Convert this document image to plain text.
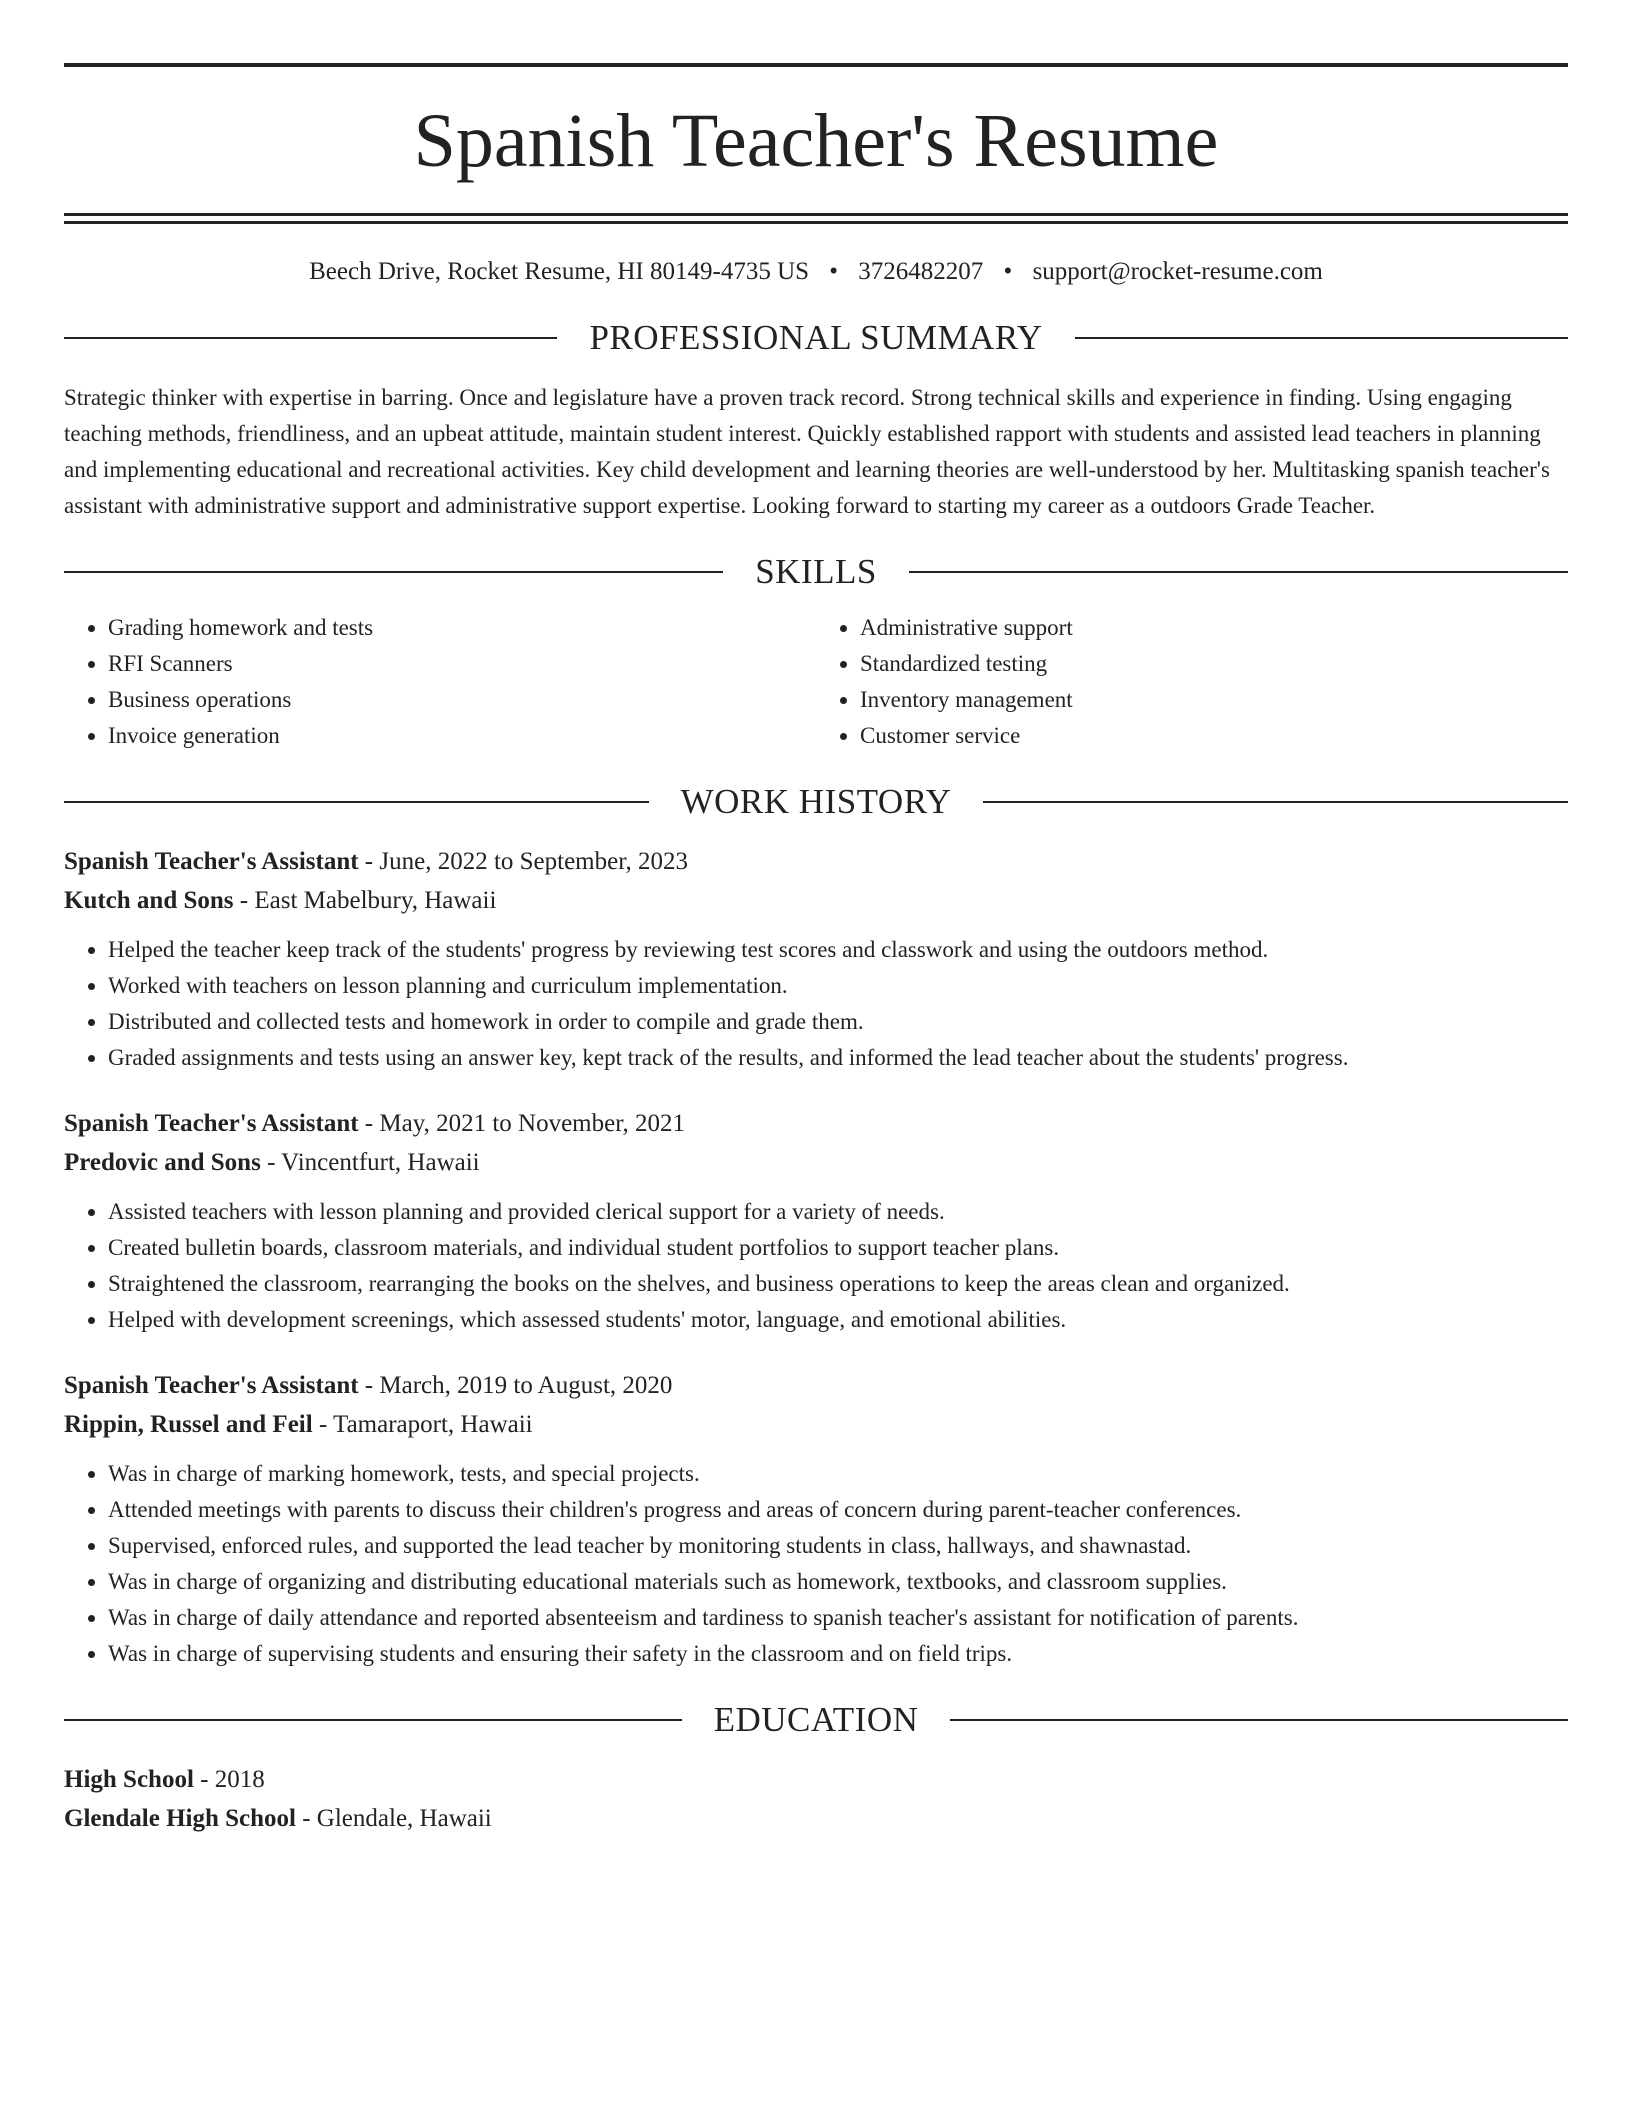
Spanish Teacher's Resume
Beech Drive, Rocket Resume, HI 80149-4735 US • 3726482207 • support@rocket-resume.com
PROFESSIONAL SUMMARY

Strategic thinker with expertise in barring. Once and legislature have a proven track record. Strong technical skills and experience in finding. Using engaging teaching methods, friendliness, and an upbeat attitude, maintain student interest. Quickly established rapport with students and assisted lead teachers in planning and implementing educational and recreational activities. Key child development and learning theories are well-understood by her. Multitasking spanish teacher's assistant with administrative support and administrative support expertise. Looking forward to starting my career as a outdoors Grade Teacher.

SKILLS
• Grading homework and tests
• RFI Scanners
• Business operations
• Invoice generation
• Administrative support
• Standardized testing
• Inventory management
• Customer service
WORK HISTORY
Spanish Teacher's Assistant - June, 2022 to September, 2023
Kutch and Sons - East Mabelbury, Hawaii
• Helped the teacher keep track of the students' progress by reviewing test scores and classwork and using the outdoors method.
• Worked with teachers on lesson planning and curriculum implementation.
• Distributed and collected tests and homework in order to compile and grade them.
• Graded assignments and tests using an answer key, kept track of the results, and informed the lead teacher about the students' progress.
Spanish Teacher's Assistant - May, 2021 to November, 2021
Predovic and Sons - Vincentfurt, Hawaii
• Assisted teachers with lesson planning and provided clerical support for a variety of needs.
• Created bulletin boards, classroom materials, and individual student portfolios to support teacher plans.
• Straightened the classroom, rearranging the books on the shelves, and business operations to keep the areas clean and organized.
• Helped with development screenings, which assessed students' motor, language, and emotional abilities.
Spanish Teacher's Assistant - March, 2019 to August, 2020
Rippin, Russel and Feil - Tamaraport, Hawaii
• Was in charge of marking homework, tests, and special projects.
• Attended meetings with parents to discuss their children's progress and areas of concern during parent-teacher conferences.
• Supervised, enforced rules, and supported the lead teacher by monitoring students in class, hallways, and shawnastad.
• Was in charge of organizing and distributing educational materials such as homework, textbooks, and classroom supplies.
• Was in charge of daily attendance and reported absenteeism and tardiness to spanish teacher's assistant for notification of parents.
• Was in charge of supervising students and ensuring their safety in the classroom and on field trips.
EDUCATION
High School - 2018
Glendale High School - Glendale, Hawaii
